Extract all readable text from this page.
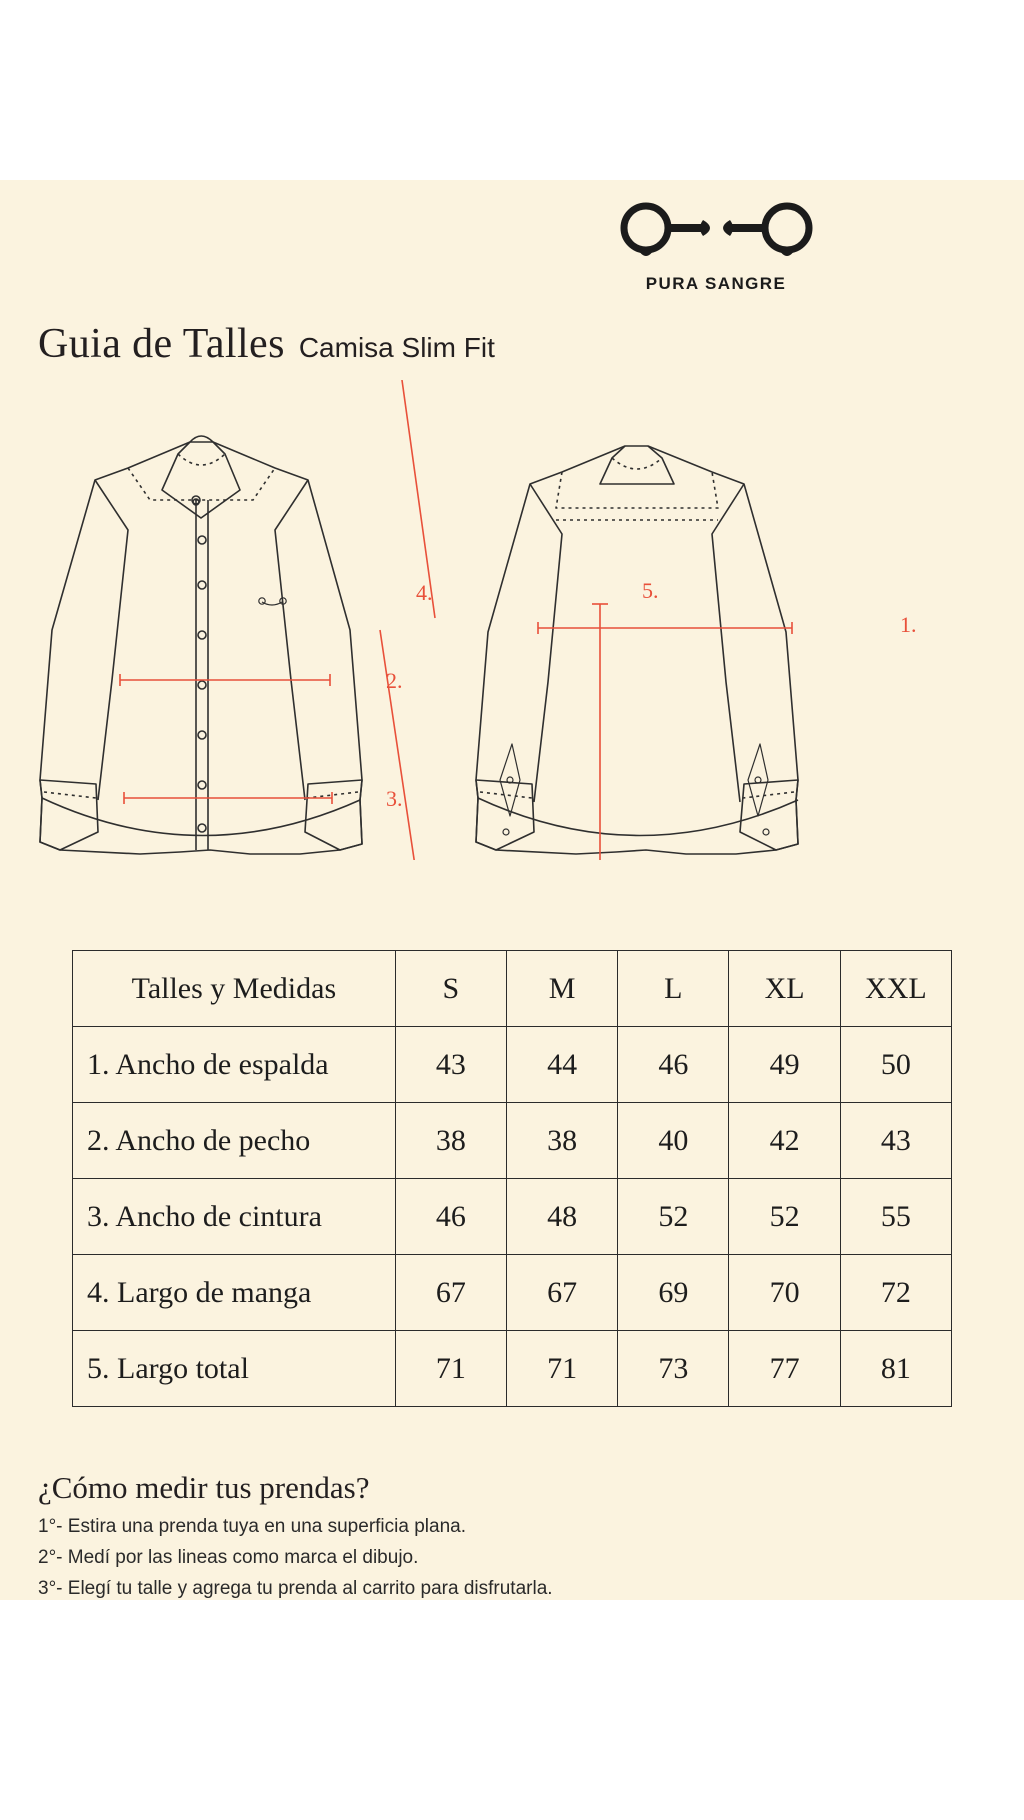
PURA SANGRE
Guia de Talles Camisa Slim Fit
2.
3.
4.
1.
5.
Talles y Medidas	S	M	L	XL	XXL
1. Ancho de espalda	43	44	46	49	50
2. Ancho de pecho	38	38	40	42	43
3. Ancho de cintura	46	48	52	52	55
4. Largo de manga	67	67	69	70	72
5. Largo total	71	71	73	77	81
¿Cómo medir tus prendas?
1°- Estira una prenda tuya en una superficia plana.
2°- Medí por las lineas como marca el dibujo.
3°- Elegí tu talle y agrega tu prenda al carrito para disfrutarla.
